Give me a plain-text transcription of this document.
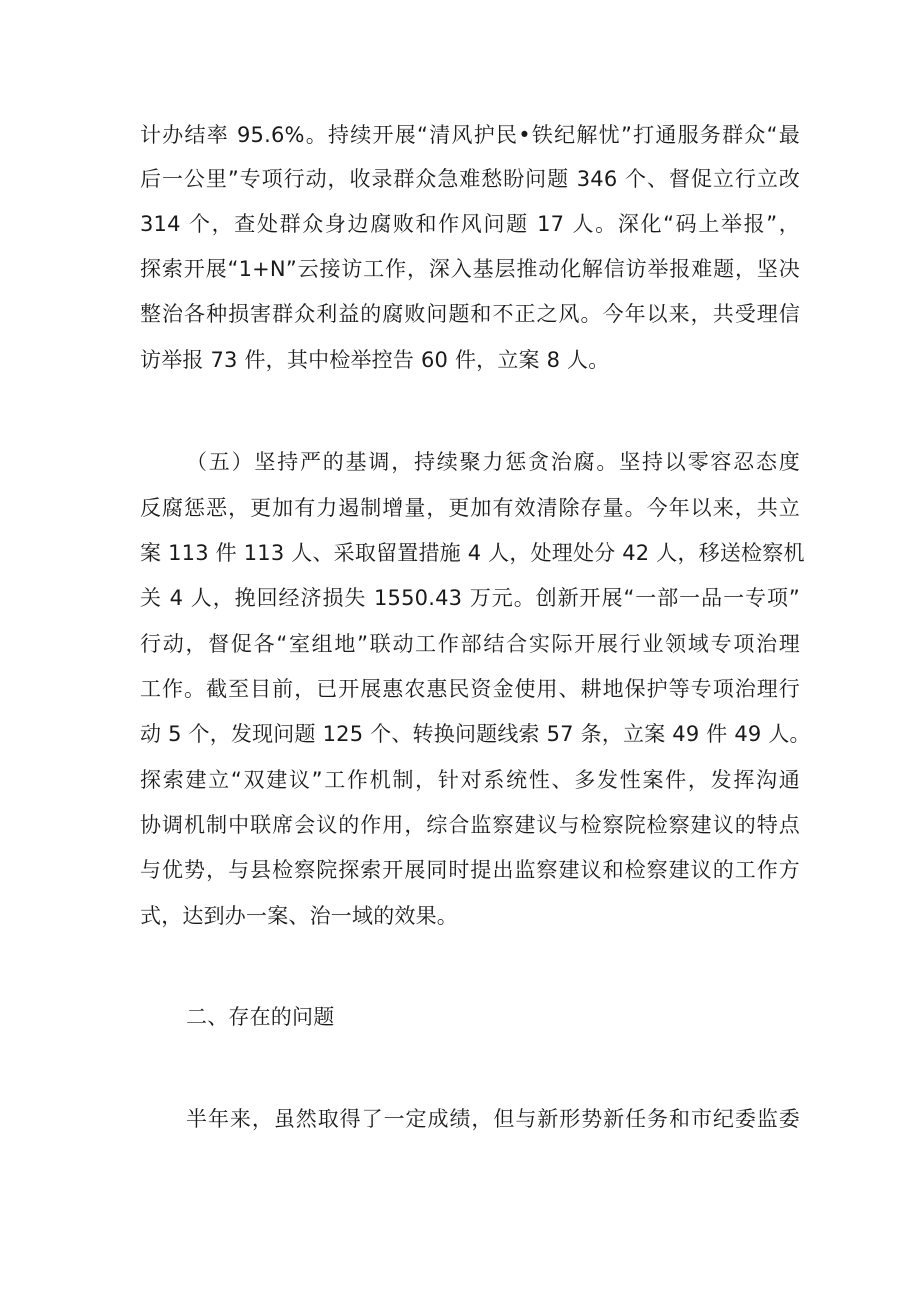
计办结率 95.6%。持续开展“清风护民•铁纪解忧”打通服务群众“最

后一公里”专项行动，收录群众急难愁盼问题 346 个、督促立行立改

314 个，查处群众身边腐败和作风问题 17 人。深化“码上举报”，

探索开展“1+N”云接访工作，深入基层推动化解信访举报难题，坚决

整治各种损害群众利益的腐败问题和不正之风。今年以来，共受理信

访举报 73 件，其中检举控告 60 件，立案 8 人。

（五）坚持严的基调，持续聚力惩贪治腐。坚持以零容忍态度

反腐惩恶，更加有力遏制增量，更加有效清除存量。今年以来，共立

案 113 件 113 人、采取留置措施 4 人，处理处分 42 人，移送检察机

关 4 人，挽回经济损失 1550.43 万元。创新开展“一部一品一专项”

行动，督促各“室组地”联动工作部结合实际开展行业领域专项治理

工作。截至目前，已开展惠农惠民资金使用、耕地保护等专项治理行

动 5 个，发现问题 125 个、转换问题线索 57 条，立案 49 件 49 人。

探索建立“双建议”工作机制，针对系统性、多发性案件，发挥沟通

协调机制中联席会议的作用，综合监察建议与检察院检察建议的特点

与优势，与县检察院探索开展同时提出监察建议和检察建议的工作方

式，达到办一案、治一域的效果。

二、存在的问题

半年来，虽然取得了一定成绩，但与新形势新任务和市纪委监委
